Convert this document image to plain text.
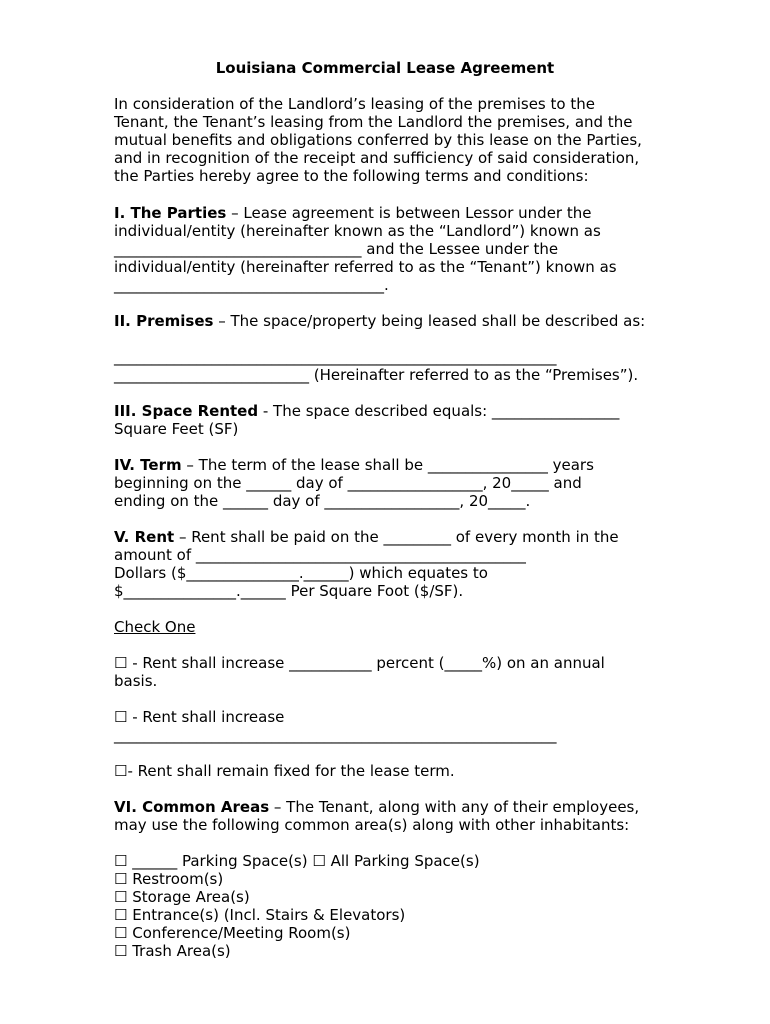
Louisiana Commercial Lease Agreement
In consideration of the Landlord’s leasing of the premises to the
Tenant, the Tenant’s leasing from the Landlord the premises, and the
mutual benefits and obligations conferred by this lease on the Parties,
and in recognition of the receipt and sufficiency of said consideration,
the Parties hereby agree to the following terms and conditions:
I. The Parties – Lease agreement is between Lessor under the
individual/entity (hereinafter known as the “Landlord”) known as
_________________________________ and the Lessee under the
individual/entity (hereinafter referred to as the “Tenant”) known as
____________________________________.
II. Premises – The space/property being leased shall be described as:
___________________________________________________________
__________________________ (Hereinafter referred to as the “Premises”).
III. Space Rented - The space described equals: _________________
Square Feet (SF)
IV. Term – The term of the lease shall be ________________ years
beginning on the ______ day of __________________, 20_____ and
ending on the ______ day of __________________, 20_____.
V. Rent – Rent shall be paid on the _________ of every month in the
amount of ____________________________________________
Dollars ($_______________.______) which equates to
$_______________.______ Per Square Foot ($/SF).
Check One
☐ - Rent shall increase ___________ percent (_____%) on an annual
basis.
☐ - Rent shall increase
___________________________________________________________
☐- Rent shall remain fixed for the lease term.
VI. Common Areas – The Tenant, along with any of their employees,
may use the following common area(s) along with other inhabitants:
☐ ______ Parking Space(s) ☐ All Parking Space(s)
☐ Restroom(s)
☐ Storage Area(s)
☐ Entrance(s) (Incl. Stairs & Elevators)
☐ Conference/Meeting Room(s)
☐ Trash Area(s)
